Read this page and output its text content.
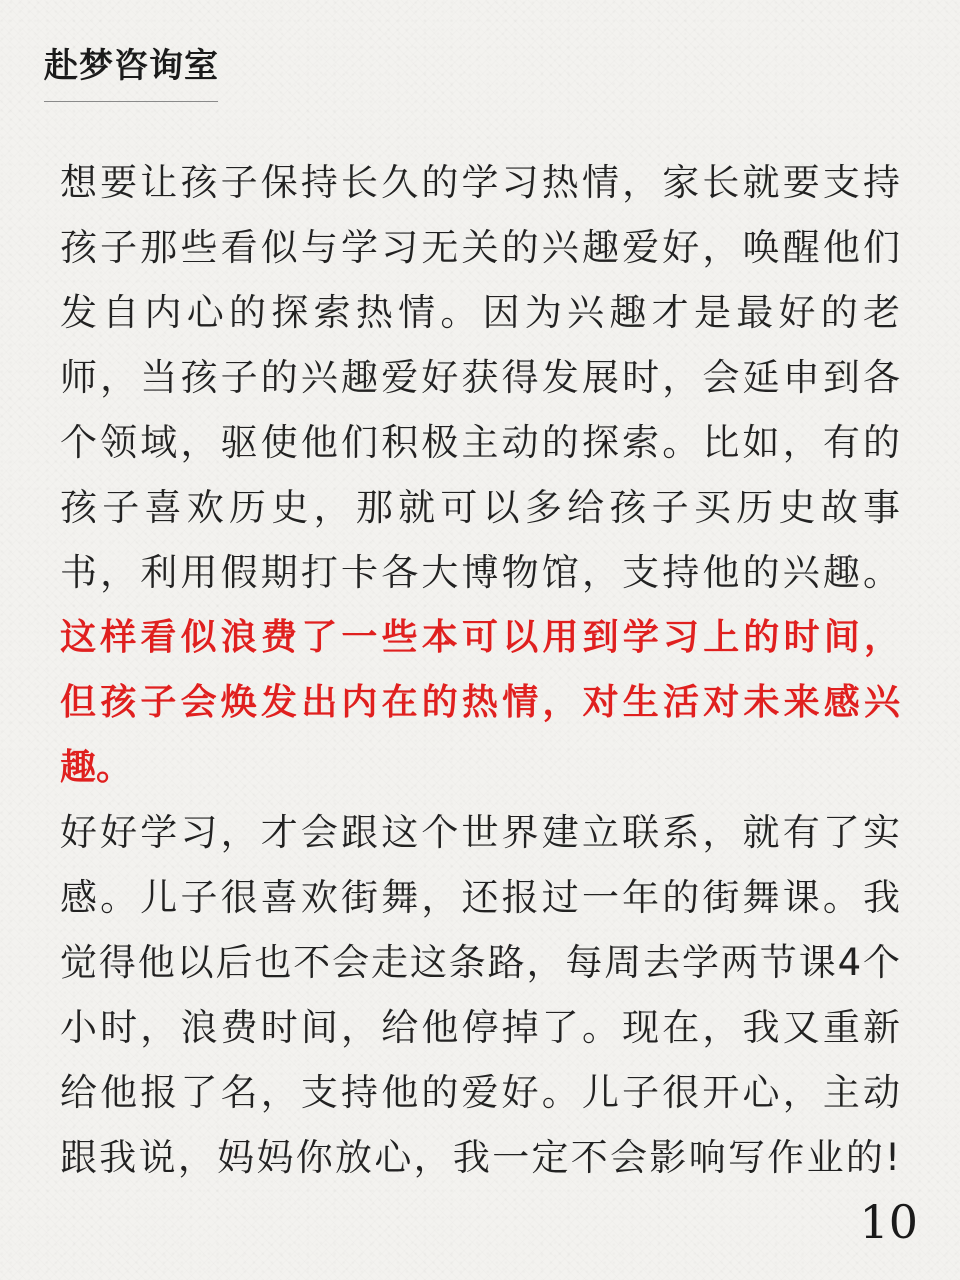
赴梦咨询室
想要让孩子保持长久的学习热情，家长就要支持
孩子那些看似与学习无关的兴趣爱好，唤醒他们
发自内心的探索热情。因为兴趣才是最好的老
师，当孩子的兴趣爱好获得发展时，会延申到各
个领域，驱使他们积极主动的探索。比如，有的
孩子喜欢历史，那就可以多给孩子买历史故事
书，利用假期打卡各大博物馆，支持他的兴趣。
这样看似浪费了一些本可以用到学习上的时间，
但孩子会焕发出内在的热情，对生活对未来感兴
趣。
好好学习，才会跟这个世界建立联系，就有了实
感。儿子很喜欢街舞，还报过一年的街舞课。我
觉得他以后也不会走这条路，每周去学两节课4个
小时，浪费时间，给他停掉了。现在，我又重新
给他报了名，支持他的爱好。儿子很开心，主动
跟我说，妈妈你放心，我一定不会影响写作业的!
10
